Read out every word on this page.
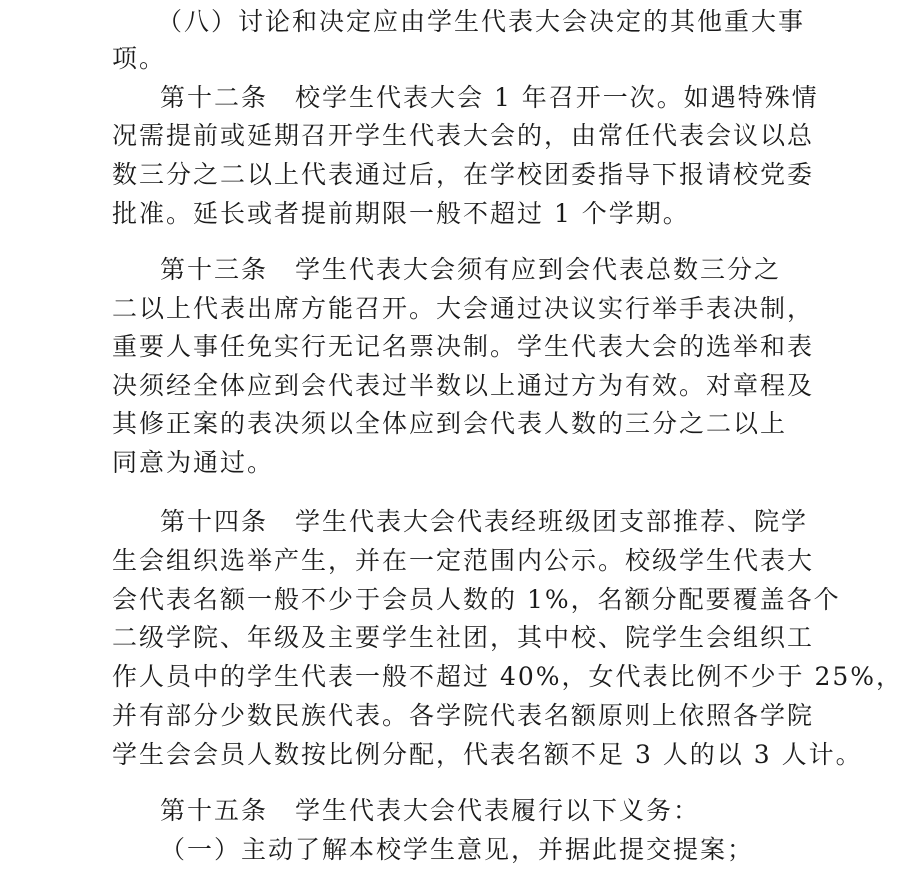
（八）讨论和决定应由学生代表大会决定的其他重大事
项。
第十二条　校学生代表大会 1 年召开一次。如遇特殊情
况需提前或延期召开学生代表大会的，由常任代表会议以总
数三分之二以上代表通过后，在学校团委指导下报请校党委
批准。延长或者提前期限一般不超过 1 个学期。
第十三条　学生代表大会须有应到会代表总数三分之
二以上代表出席方能召开。大会通过决议实行举手表决制，
重要人事任免实行无记名票决制。学生代表大会的选举和表
决须经全体应到会代表过半数以上通过方为有效。对章程及
其修正案的表决须以全体应到会代表人数的三分之二以上
同意为通过。
第十四条　学生代表大会代表经班级团支部推荐、院学
生会组织选举产生，并在一定范围内公示。校级学生代表大
会代表名额一般不少于会员人数的 1%，名额分配要覆盖各个
二级学院、年级及主要学生社团，其中校、院学生会组织工
作人员中的学生代表一般不超过 40%，女代表比例不少于 25%，
并有部分少数民族代表。各学院代表名额原则上依照各学院
学生会会员人数按比例分配，代表名额不足 3 人的以 3 人计。
第十五条　学生代表大会代表履行以下义务：
（一）主动了解本校学生意见，并据此提交提案；
